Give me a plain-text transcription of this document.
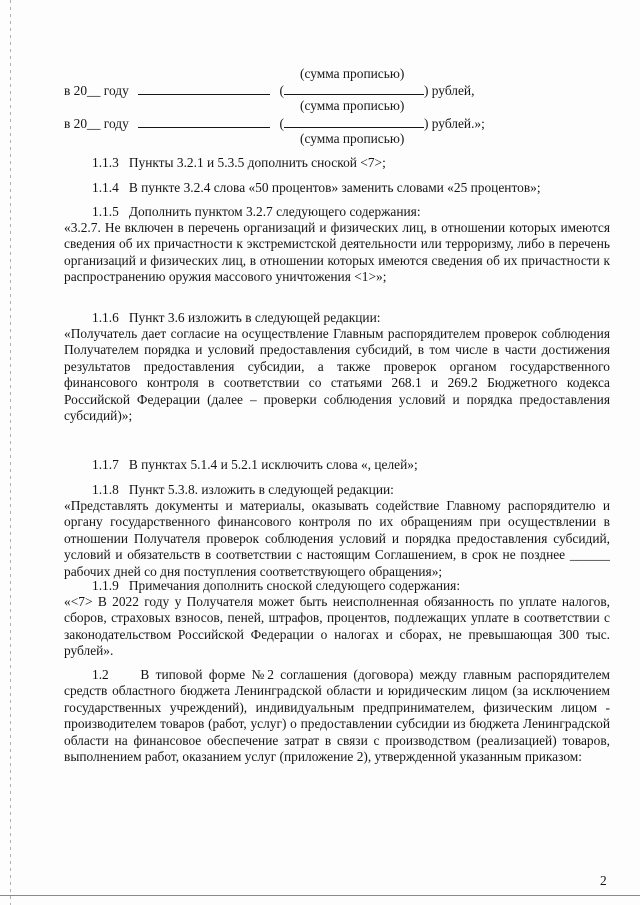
(сумма прописью)
в 20__ году	(	) рублей,
(сумма прописью)
в 20__ году	(	) рублей.»;
(сумма прописью)
1.1.3   Пункты 3.2.1 и 5.3.5 дополнить сноской <7>;
1.1.4   В пункте 3.2.4 слова «50 процентов» заменить словами «25 процентов»;
1.1.5   Дополнить пунктом 3.2.7 следующего содержания:
«3.2.7. Не включен в перечень организаций и физических лиц, в отношении которых имеются сведения об их причастности к экстремистской деятельности или терроризму, либо в перечень организаций и физических лиц, в отношении которых имеются сведения об их причастности к распространению оружия массового уничтожения <1>»;
1.1.6   Пункт 3.6 изложить в следующей редакции:
«Получатель дает согласие на осуществление Главным распорядителем проверок соблюдения Получателем порядка и условий предоставления субсидий, в том числе в части достижения результатов предоставления субсидии, а также проверок органом государственного финансового контроля в соответствии со статьями 268.1 и 269.2 Бюджетного кодекса Российской Федерации (далее – проверки соблюдения условий и порядка предоставления субсидий)»;
1.1.7   В пунктах 5.1.4 и 5.2.1 исключить слова «, целей»;
1.1.8   Пункт 5.3.8. изложить в следующей редакции:
«Представлять документы и материалы, оказывать содействие Главному распорядителю и органу государственного финансового контроля по их обращениям при осуществлении в отношении Получателя проверок соблюдения условий и порядка предоставления субсидий, условий и обязательств в соответствии с настоящим Соглашением, в срок не позднее ______ рабочих дней со дня поступления соответствующего обращения»;
1.1.9   Примечания дополнить сноской следующего содержания:
«<7> В 2022 году у Получателя может быть неисполненная обязанность по уплате налогов, сборов, страховых взносов, пеней, штрафов, процентов, подлежащих уплате в соответствии с законодательством Российской Федерации о налогах и сборах, не превышающая 300 тыс. рублей».
1.2     В типовой форме №2 соглашения (договора) между главным распорядителем средств областного бюджета Ленинградской области и юридическим лицом (за исключением государственных учреждений), индивидуальным предпринимателем, физическим лицом - производителем товаров (работ, услуг) о предоставлении субсидии из бюджета Ленинградской области на финансовое обеспечение затрат в связи с производством (реализацией) товаров, выполнением работ, оказанием услуг (приложение 2), утвержденной указанным приказом:
2
